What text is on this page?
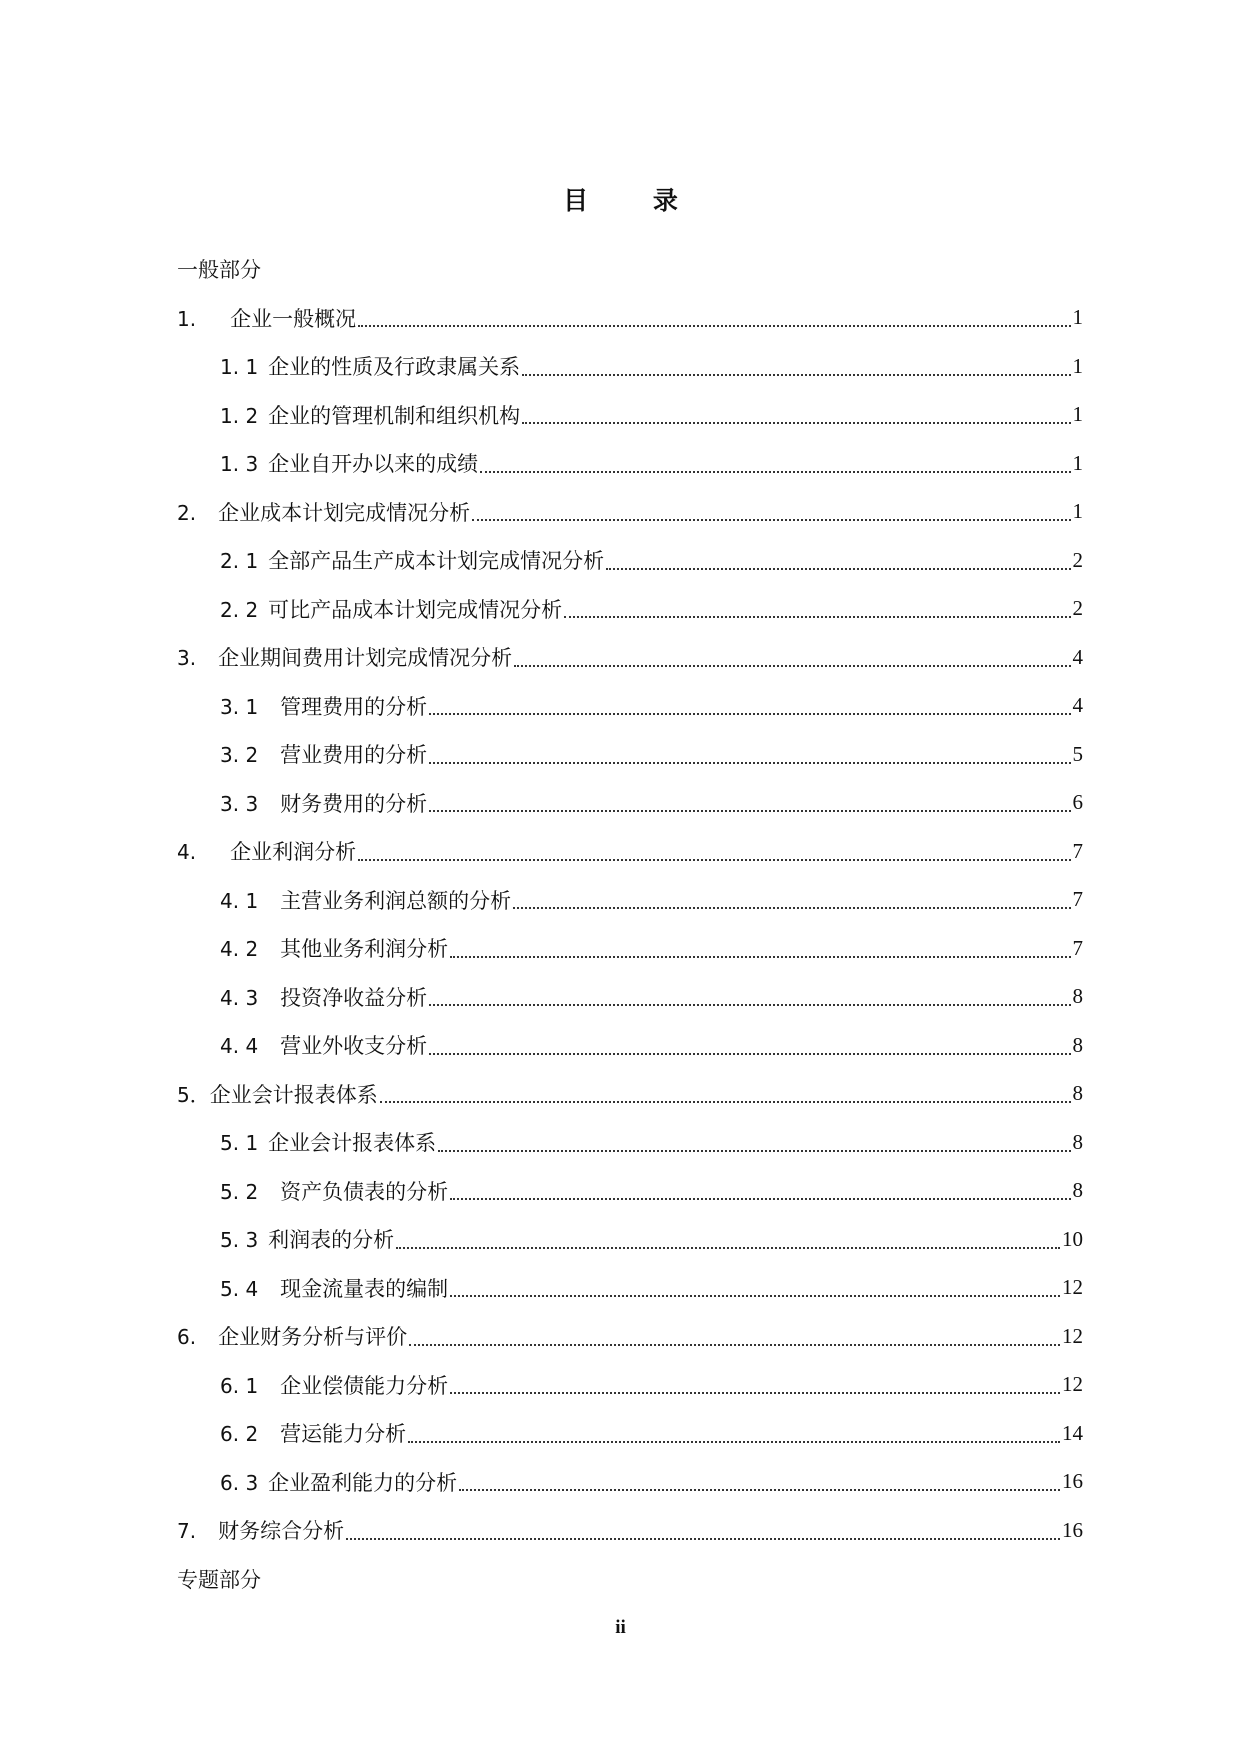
目 录
一般部分
1. 企业一般概况	1
1. 1 企业的性质及行政隶属关系	1
1. 2 企业的管理机制和组织机构	1
1. 3 企业自开办以来的成绩	1
2. 企业成本计划完成情况分析	1
2. 1 全部产品生产成本计划完成情况分析	2
2. 2 可比产品成本计划完成情况分析	2
3. 企业期间费用计划完成情况分析	4
3. 1 管理费用的分析	4
3. 2 营业费用的分析	5
3. 3 财务费用的分析	6
4. 企业利润分析	7
4. 1 主营业务利润总额的分析	7
4. 2 其他业务利润分析	7
4. 3 投资净收益分析	8
4. 4 营业外收支分析	8
5．企业会计报表体系	8
5. 1 企业会计报表体系	8
5. 2 资产负债表的分析	8
5. 3 利润表的分析	10
5. 4 现金流量表的编制	12
6. 企业财务分析与评价	12
6. 1 企业偿债能力分析	12
6. 2 营运能力分析	14
6. 3 企业盈利能力的分析	16
7. 财务综合分析	16
专题部分
ii
